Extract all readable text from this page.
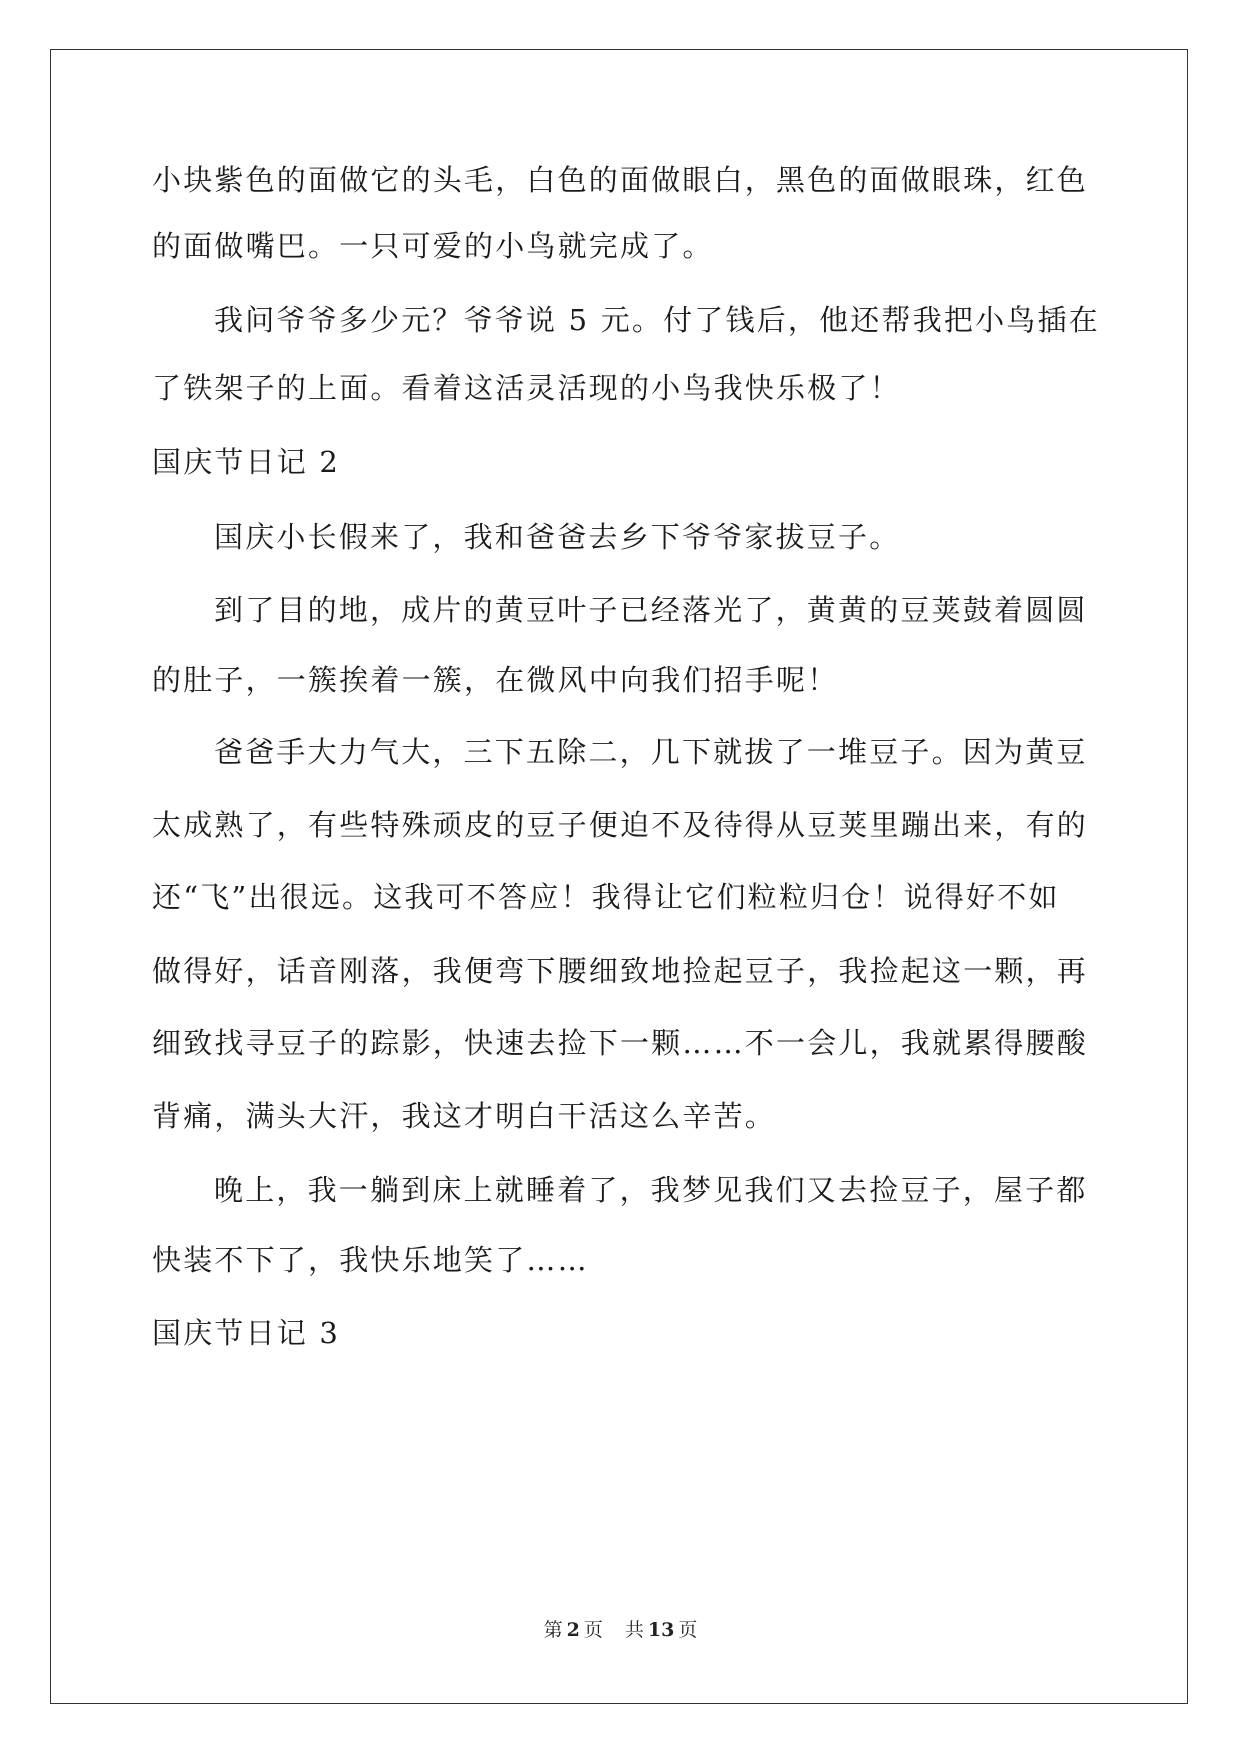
小块紫色的面做它的头毛，白色的面做眼白，黑色的面做眼珠，红色
的面做嘴巴。一只可爱的小鸟就完成了。
我问爷爷多少元？爷爷说 5 元。付了钱后，他还帮我把小鸟插在
了铁架子的上面。看着这活灵活现的小鸟我快乐极了！
国庆节日记 2
国庆小长假来了，我和爸爸去乡下爷爷家拔豆子。
到了目的地，成片的黄豆叶子已经落光了，黄黄的豆荚鼓着圆圆
的肚子，一簇挨着一簇，在微风中向我们招手呢！
爸爸手大力气大，三下五除二，几下就拔了一堆豆子。因为黄豆
太成熟了，有些特殊顽皮的豆子便迫不及待得从豆荚里蹦出来，有的
还“飞”出很远。这我可不答应！我得让它们粒粒归仓！说得好不如
做得好，话音刚落，我便弯下腰细致地捡起豆子，我捡起这一颗，再
细致找寻豆子的踪影，快速去捡下一颗……不一会儿，我就累得腰酸
背痛，满头大汗，我这才明白干活这么辛苦。
晚上，我一躺到床上就睡着了，我梦见我们又去捡豆子，屋子都
快装不下了，我快乐地笑了……
国庆节日记 3
第 2 页 共 13 页
